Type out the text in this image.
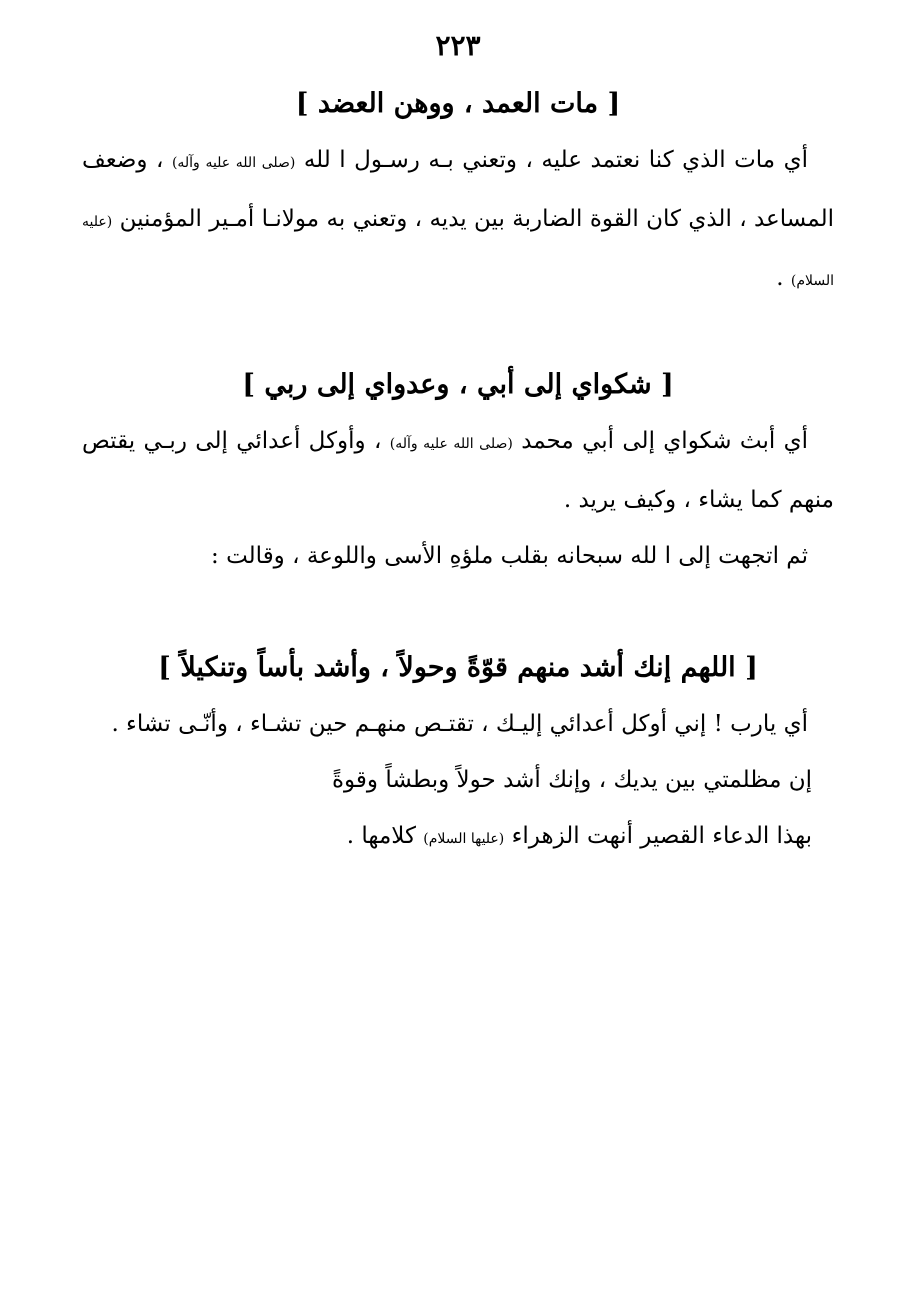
٢٢٣
[ مات العمد ، ووهن العضد ]

أي مات الذي كنا نعتمد عليه ، وتعني بـه رسـول ا لله (صلى الله عليه وآله) ، وضعف المساعد ، الذي كان القوة الضاربة بين يديه ، وتعني به مولانـا أمـير المؤمنين (عليه السلام) .

[ شكواي إلى أبي ، وعدواي إلى ربي ]

أي أبث شكواي إلى أبي محمد (صلى الله عليه وآله) ، وأوكل أعدائي إلى ربـي يقتص منهم كما يشاء ، وكيف يريد .

ثم اتجهت إلى ا لله سبحانه بقلب ملؤهِ الأسى واللوعة ، وقالت :

[ اللهم إنك أشد منهم قوّةً وحولاً ، وأشد بأساً وتنكيلاً ]

أي يارب ! إني أوكل أعدائي إليـك ، تقتـص منهـم حين تشـاء ، وأنّـى تشاء .

إن مظلمتي بين يديك ، وإنك أشد حولاً وبطشاً وقوةً

بهذا الدعاء القصير أنهت الزهراء (عليها السلام) كلامها .
